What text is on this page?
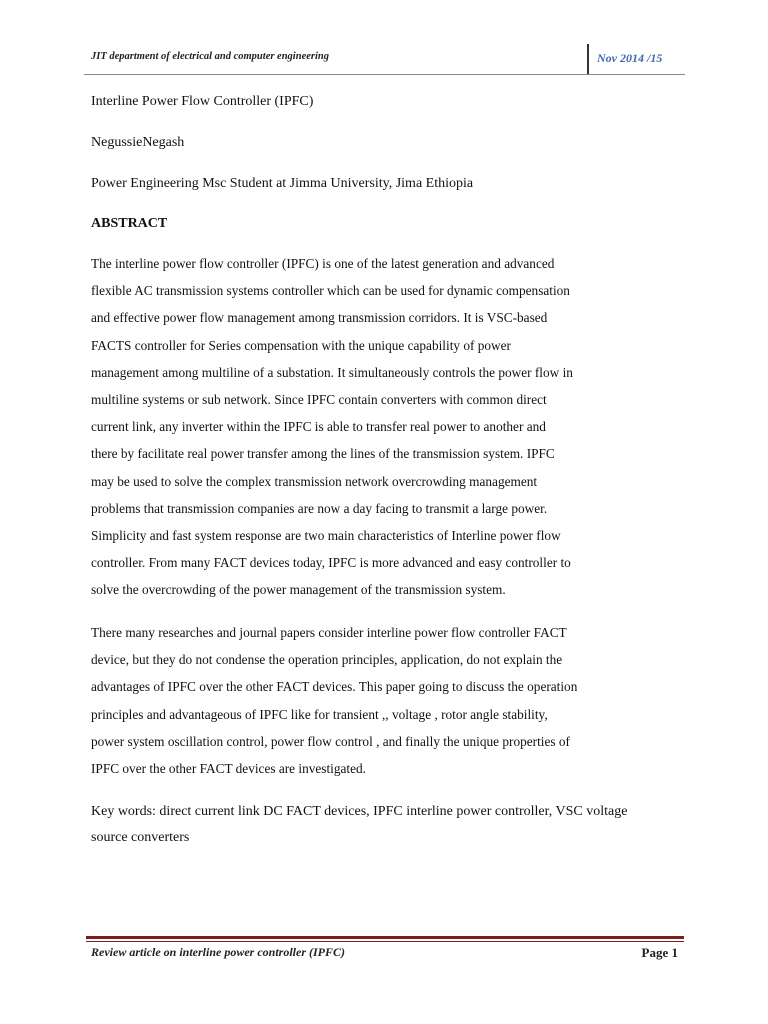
JIT department of electrical and computer engineering	Nov 2014 /15
Interline Power Flow Controller (IPFC)
NegussieNegash
Power Engineering Msc Student at Jimma University, Jima Ethiopia
ABSTRACT
The interline power flow controller (IPFC) is one of the latest generation and advanced
flexible AC transmission systems controller which can be used for dynamic compensation
and effective power flow management among transmission corridors. It is VSC-based
FACTS controller for Series compensation with the unique capability of power
management among multiline of a substation. It simultaneously controls the power flow in
multiline systems or sub network. Since IPFC contain converters with common direct
current link, any inverter within the IPFC is able to transfer real power to another and
there by facilitate real power transfer among the lines of the transmission system. IPFC
may be used to solve the complex transmission network overcrowding management
problems that transmission companies are now a day facing to transmit a large power.
Simplicity and fast system response are two main characteristics of Interline power flow
controller. From many FACT devices today, IPFC is more advanced and easy controller to
solve the overcrowding of the power management of the transmission system.
There many researches and journal papers consider interline power flow controller FACT
device, but they do not condense the operation principles, application, do not explain the
advantages of IPFC over the other FACT devices. This paper going to discuss the operation
principles and advantageous of IPFC like for transient ,, voltage , rotor angle stability,
power system oscillation control, power flow control , and finally the unique properties of
IPFC over the other FACT devices are investigated.
Key words: direct current link DC FACT devices, IPFC interline power controller, VSC voltage
source converters
Review article on interline power controller (IPFC)	Page 1
